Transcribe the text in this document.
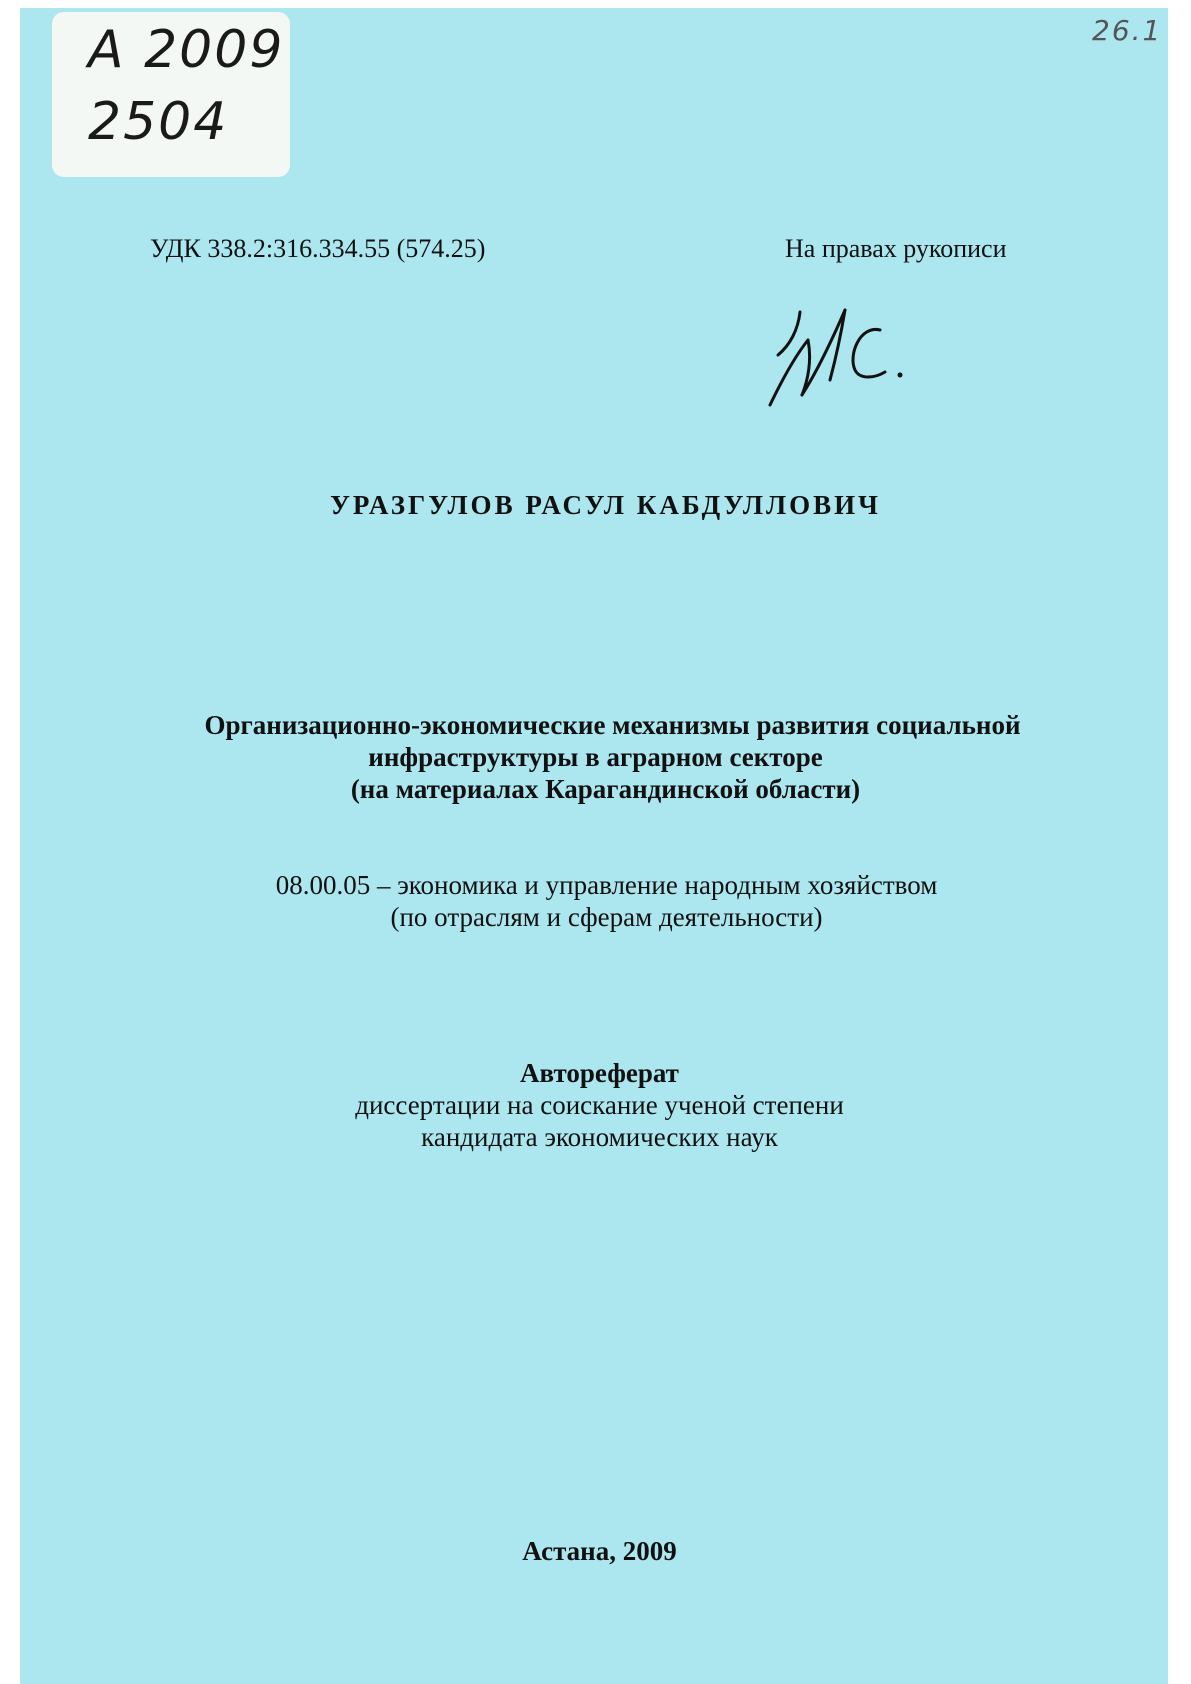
А 2009
2504
26.1
УДК 338.2:316.334.55 (574.25)	На правах рукописи
УРАЗГУЛОВ РАСУЛ КАБДУЛЛОВИЧ
Организационно-экономические механизмы развития социальной
инфраструктуры в аграрном секторе
(на материалах Карагандинской области)
08.00.05 – экономика и управление народным хозяйством
(по отраслям и сферам деятельности)
Автореферат
диссертации на соискание ученой степени
кандидата экономических наук
Астана, 2009
